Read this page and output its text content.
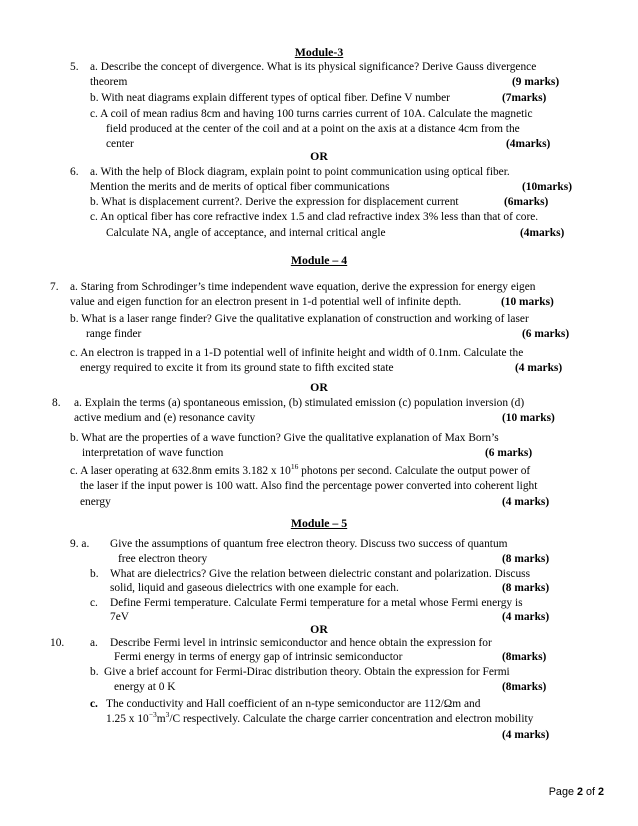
Module-3
5. a. Describe the concept of divergence. What is its physical significance? Derive Gauss divergence
theorem	(9 marks)
b. With neat diagrams explain different types of optical fiber. Define V number	(7marks)
c. A coil of mean radius 8cm and having 100 turns carries current of 10A. Calculate the magnetic
field produced at the center of the coil and at a point on the axis at a distance 4cm from the
center	(4marks)
OR
6. a. With the help of Block diagram, explain point to point communication using optical fiber.
Mention the merits and de merits of optical fiber communications	(10marks)
b. What is displacement current?. Derive the expression for displacement current	(6marks)
c. An optical fiber has core refractive index 1.5 and clad refractive index 3% less than that of core.
Calculate NA, angle of acceptance, and internal critical angle	(4marks)
Module – 4
7. a. Staring from Schrodinger’s time independent wave equation, derive the expression for energy eigen
value and eigen function for an electron present in 1-d potential well of infinite depth.	(10 marks)
b. What is a laser range finder? Give the qualitative explanation of construction and working of laser
range finder	(6 marks)
c. An electron is trapped in a 1-D potential well of infinite height and width of 0.1nm. Calculate the
energy required to excite it from its ground state to fifth excited state	(4 marks)
OR
8. a. Explain the terms (a) spontaneous emission, (b) stimulated emission (c) population inversion (d)
active medium and (e) resonance cavity	(10 marks)
b. What are the properties of a wave function? Give the qualitative explanation of Max Born’s
interpretation of wave function	(6 marks)
c. A laser operating at 632.8nm emits 3.182 x $10^{16}$ photons per second. Calculate the output power of
the laser if the input power is 100 watt. Also find the percentage power converted into coherent light
energy	(4 marks)
Module – 5
9. a. Give the assumptions of quantum free electron theory. Discuss two success of quantum
free electron theory	(8 marks)
b. What are dielectrics? Give the relation between dielectric constant and polarization. Discuss
solid, liquid and gaseous dielectrics with one example for each.	(8 marks)
c. Define Fermi temperature. Calculate Fermi temperature for a metal whose Fermi energy is
7eV	(4 marks)
OR
10. a. Describe Fermi level in intrinsic semiconductor and hence obtain the expression for
Fermi energy in terms of energy gap of intrinsic semiconductor	(8marks)
b. Give a brief account for Fermi-Dirac distribution theory. Obtain the expression for Fermi
energy at 0 K	(8marks)
c. The conductivity and Hall coefficient of an n-type semiconductor are 112/Ωm and
1.25 x $10^{-3}m^3/C$ respectively. Calculate the charge carrier concentration and electron mobility
(4 marks)
Page 2 of 2
